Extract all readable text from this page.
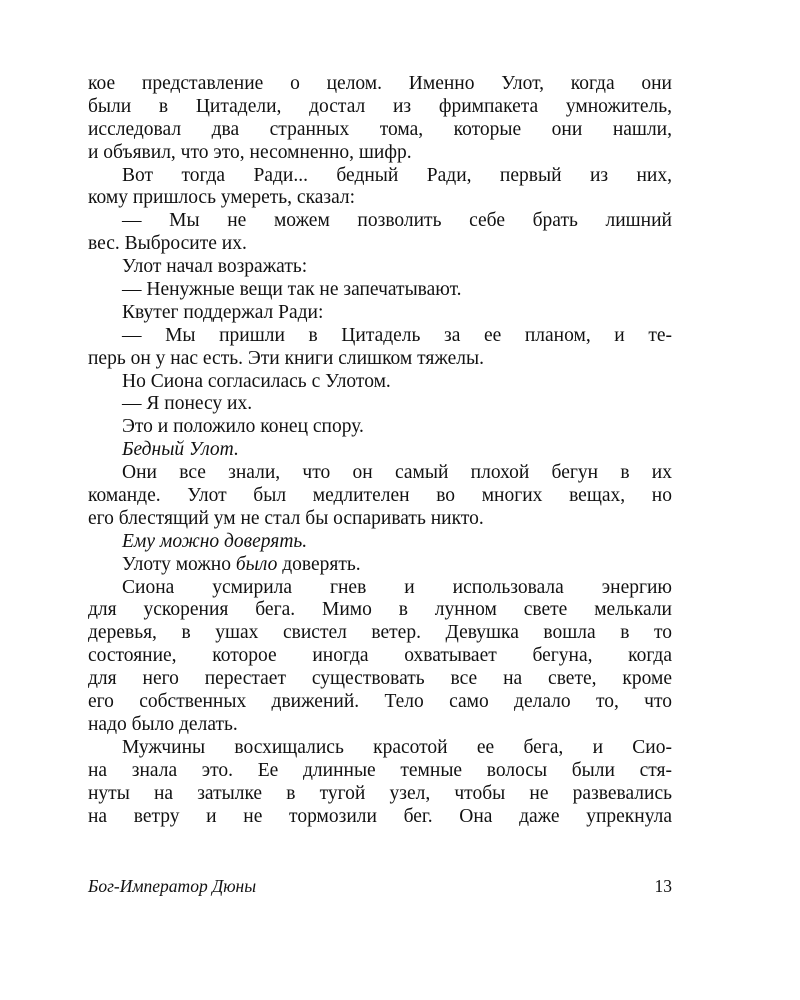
кое представление о целом. Именно Улот, когда они
были в Цитадели, достал из фримпакета умножитель,
исследовал два странных тома, которые они нашли,
и объявил, что это, несомненно, шифр.
Вот тогда Ради... бедный Ради, первый из них,
кому пришлось умереть, сказал:
— Мы не можем позволить себе брать лишний
вес. Выбросите их.
Улот начал возражать:
— Ненужные вещи так не запечатывают.
Квутег поддержал Ради:
— Мы пришли в Цитадель за ее планом, и те-
перь он у нас есть. Эти книги слишком тяжелы.
Но Сиона согласилась с Улотом.
— Я понесу их.
Это и положило конец спору.
Бедный Улот.
Они все знали, что он самый плохой бегун в их
команде. Улот был медлителен во многих вещах, но
его блестящий ум не стал бы оспаривать никто.
Ему можно доверять.
Улоту можно было доверять.
Сиона усмирила гнев и использовала энергию
для ускорения бега. Мимо в лунном свете мелькали
деревья, в ушах свистел ветер. Девушка вошла в то
состояние, которое иногда охватывает бегуна, когда
для него перестает существовать все на свете, кроме
его собственных движений. Тело само делало то, что
надо было делать.
Мужчины восхищались красотой ее бега, и Сио-
на знала это. Ее длинные темные волосы были стя-
нуты на затылке в тугой узел, чтобы не развевались
на ветру и не тормозили бег. Она даже упрекнула
Бог-Император Дюны	13
